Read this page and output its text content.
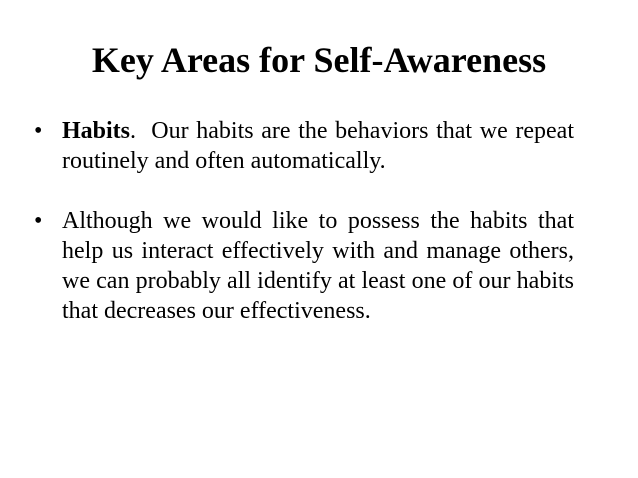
Key Areas for Self-Awareness
• Habits.  Our habits are the behaviors that we repeat routinely and often automatically.
• Although we would like to possess the habits that help us interact effectively with and manage others, we can probably all identify at least one of our habits that decreases our effectiveness.
